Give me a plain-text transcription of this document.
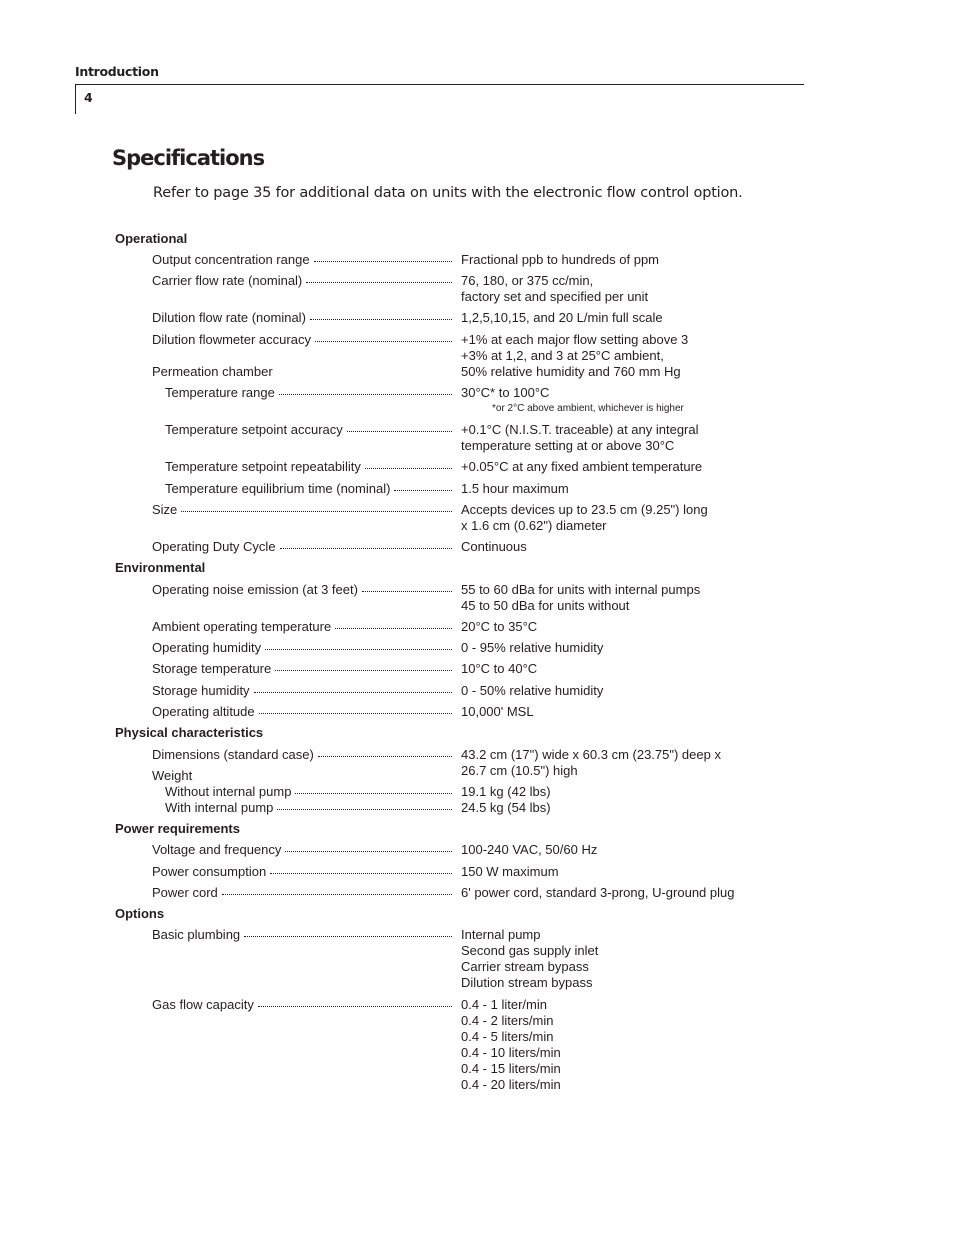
Introduction
4
Specifications
Refer to page 35 for additional data on units with the electronic flow control option.
Operational
Output concentration range	Fractional ppb to hundreds of ppm
Carrier flow rate (nominal)	76, 180, or 375 cc/min,
factory set and specified per unit
Dilution flow rate (nominal)	1,2,5,10,15, and 20 L/min full scale
Dilution flowmeter accuracy	+1% at each major flow setting above 3
+3% at 1,2, and 3 at 25°C ambient,
50% relative humidity and 760 mm Hg
Permeation chamber
Temperature range	30°C* to 100°C
*or 2°C above ambient, whichever is higher
Temperature setpoint accuracy	+0.1°C (N.I.S.T. traceable) at any integral
temperature setting at or above 30°C
Temperature setpoint repeatability	+0.05°C at any fixed ambient temperature
Temperature equilibrium time (nominal)	1.5 hour maximum
Size	Accepts devices up to 23.5 cm (9.25") long
x 1.6 cm (0.62") diameter
Operating Duty Cycle	Continuous
Environmental
Operating noise emission (at 3 feet)	55 to 60 dBa for units with internal pumps
45 to 50 dBa for units without
Ambient operating temperature	20°C to 35°C
Operating humidity	0 - 95% relative humidity
Storage temperature	10°C to 40°C
Storage humidity	0 - 50% relative humidity
Operating altitude	10,000' MSL
Physical characteristics
Dimensions (standard case)	43.2 cm (17") wide x 60.3 cm (23.75") deep x
26.7 cm (10.5") high
Weight
Without internal pump	19.1 kg (42 lbs)
With internal pump	24.5 kg (54 lbs)
Power requirements
Voltage and frequency	100-240 VAC, 50/60 Hz
Power consumption	150 W maximum
Power cord	6' power cord, standard 3-prong, U-ground plug
Options
Basic plumbing	Internal pump
Second gas supply inlet
Carrier stream bypass
Dilution stream bypass
Gas flow capacity	0.4 - 1 liter/min
0.4 - 2 liters/min
0.4 - 5 liters/min
0.4 - 10 liters/min
0.4 - 15 liters/min
0.4 - 20 liters/min
